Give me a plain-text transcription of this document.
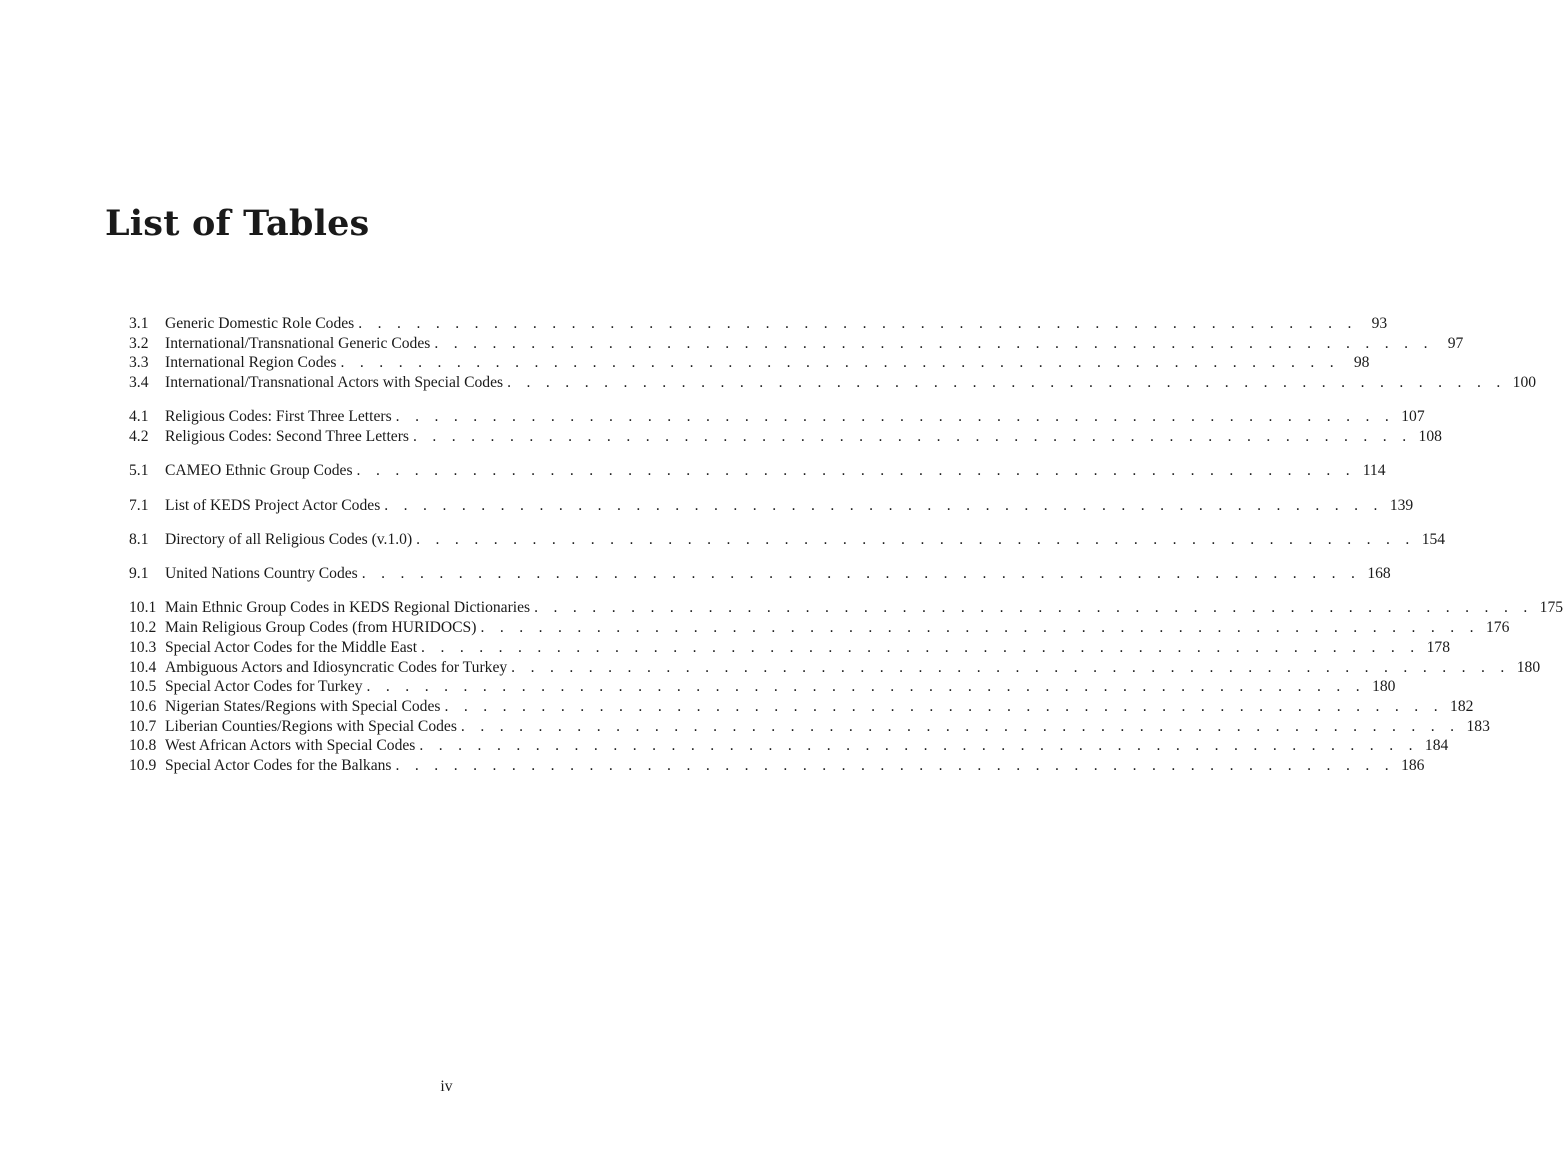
List of Tables
3.1	Generic Domestic Role Codes . . . . . . . . . . . . . . . . . . . . . . . . . . . . . . . . . . . . . . . . . . . . . . . . . . . . 93
3.2	International/Transnational Generic Codes . . . . . . . . . . . . . . . . . . . . . . . . . . . . . . . . . . . . . . . . . . . . . . . . . . . . 97
3.3	International Region Codes . . . . . . . . . . . . . . . . . . . . . . . . . . . . . . . . . . . . . . . . . . . . . . . . . . . . 98
3.4	International/Transnational Actors with Special Codes . . . . . . . . . . . . . . . . . . . . . . . . . . . . . . . . . . . . . . . . . . . . . . . . . . . . 100
4.1	Religious Codes: First Three Letters . . . . . . . . . . . . . . . . . . . . . . . . . . . . . . . . . . . . . . . . . . . . . . . . . . . . 107
4.2	Religious Codes: Second Three Letters . . . . . . . . . . . . . . . . . . . . . . . . . . . . . . . . . . . . . . . . . . . . . . . . . . . . 108
5.1	CAMEO Ethnic Group Codes . . . . . . . . . . . . . . . . . . . . . . . . . . . . . . . . . . . . . . . . . . . . . . . . . . . . 114
7.1	List of KEDS Project Actor Codes . . . . . . . . . . . . . . . . . . . . . . . . . . . . . . . . . . . . . . . . . . . . . . . . . . . . 139
8.1	Directory of all Religious Codes (v.1.0) . . . . . . . . . . . . . . . . . . . . . . . . . . . . . . . . . . . . . . . . . . . . . . . . . . . . 154
9.1	United Nations Country Codes . . . . . . . . . . . . . . . . . . . . . . . . . . . . . . . . . . . . . . . . . . . . . . . . . . . . 168
10.1 Main Ethnic Group Codes in KEDS Regional Dictionaries . . . . . . . . . . . . . . . . . . . . . . . . . . . . . . . . . . . . . . . . . . . . . . . . . . . . 175
10.2 Main Religious Group Codes (from HURIDOCS) . . . . . . . . . . . . . . . . . . . . . . . . . . . . . . . . . . . . . . . . . . . . . . . . . . . . 176
10.3 Special Actor Codes for the Middle East . . . . . . . . . . . . . . . . . . . . . . . . . . . . . . . . . . . . . . . . . . . . . . . . . . . . 178
10.4 Ambiguous Actors and Idiosyncratic Codes for Turkey . . . . . . . . . . . . . . . . . . . . . . . . . . . . . . . . . . . . . . . . . . . . . . . . . . . . 180
10.5 Special Actor Codes for Turkey . . . . . . . . . . . . . . . . . . . . . . . . . . . . . . . . . . . . . . . . . . . . . . . . . . . . 180
10.6 Nigerian States/Regions with Special Codes . . . . . . . . . . . . . . . . . . . . . . . . . . . . . . . . . . . . . . . . . . . . . . . . . . . . 182
10.7 Liberian Counties/Regions with Special Codes . . . . . . . . . . . . . . . . . . . . . . . . . . . . . . . . . . . . . . . . . . . . . . . . . . . . 183
10.8 West African Actors with Special Codes . . . . . . . . . . . . . . . . . . . . . . . . . . . . . . . . . . . . . . . . . . . . . . . . . . . . 184
10.9 Special Actor Codes for the Balkans . . . . . . . . . . . . . . . . . . . . . . . . . . . . . . . . . . . . . . . . . . . . . . . . . . . . 186
iv
